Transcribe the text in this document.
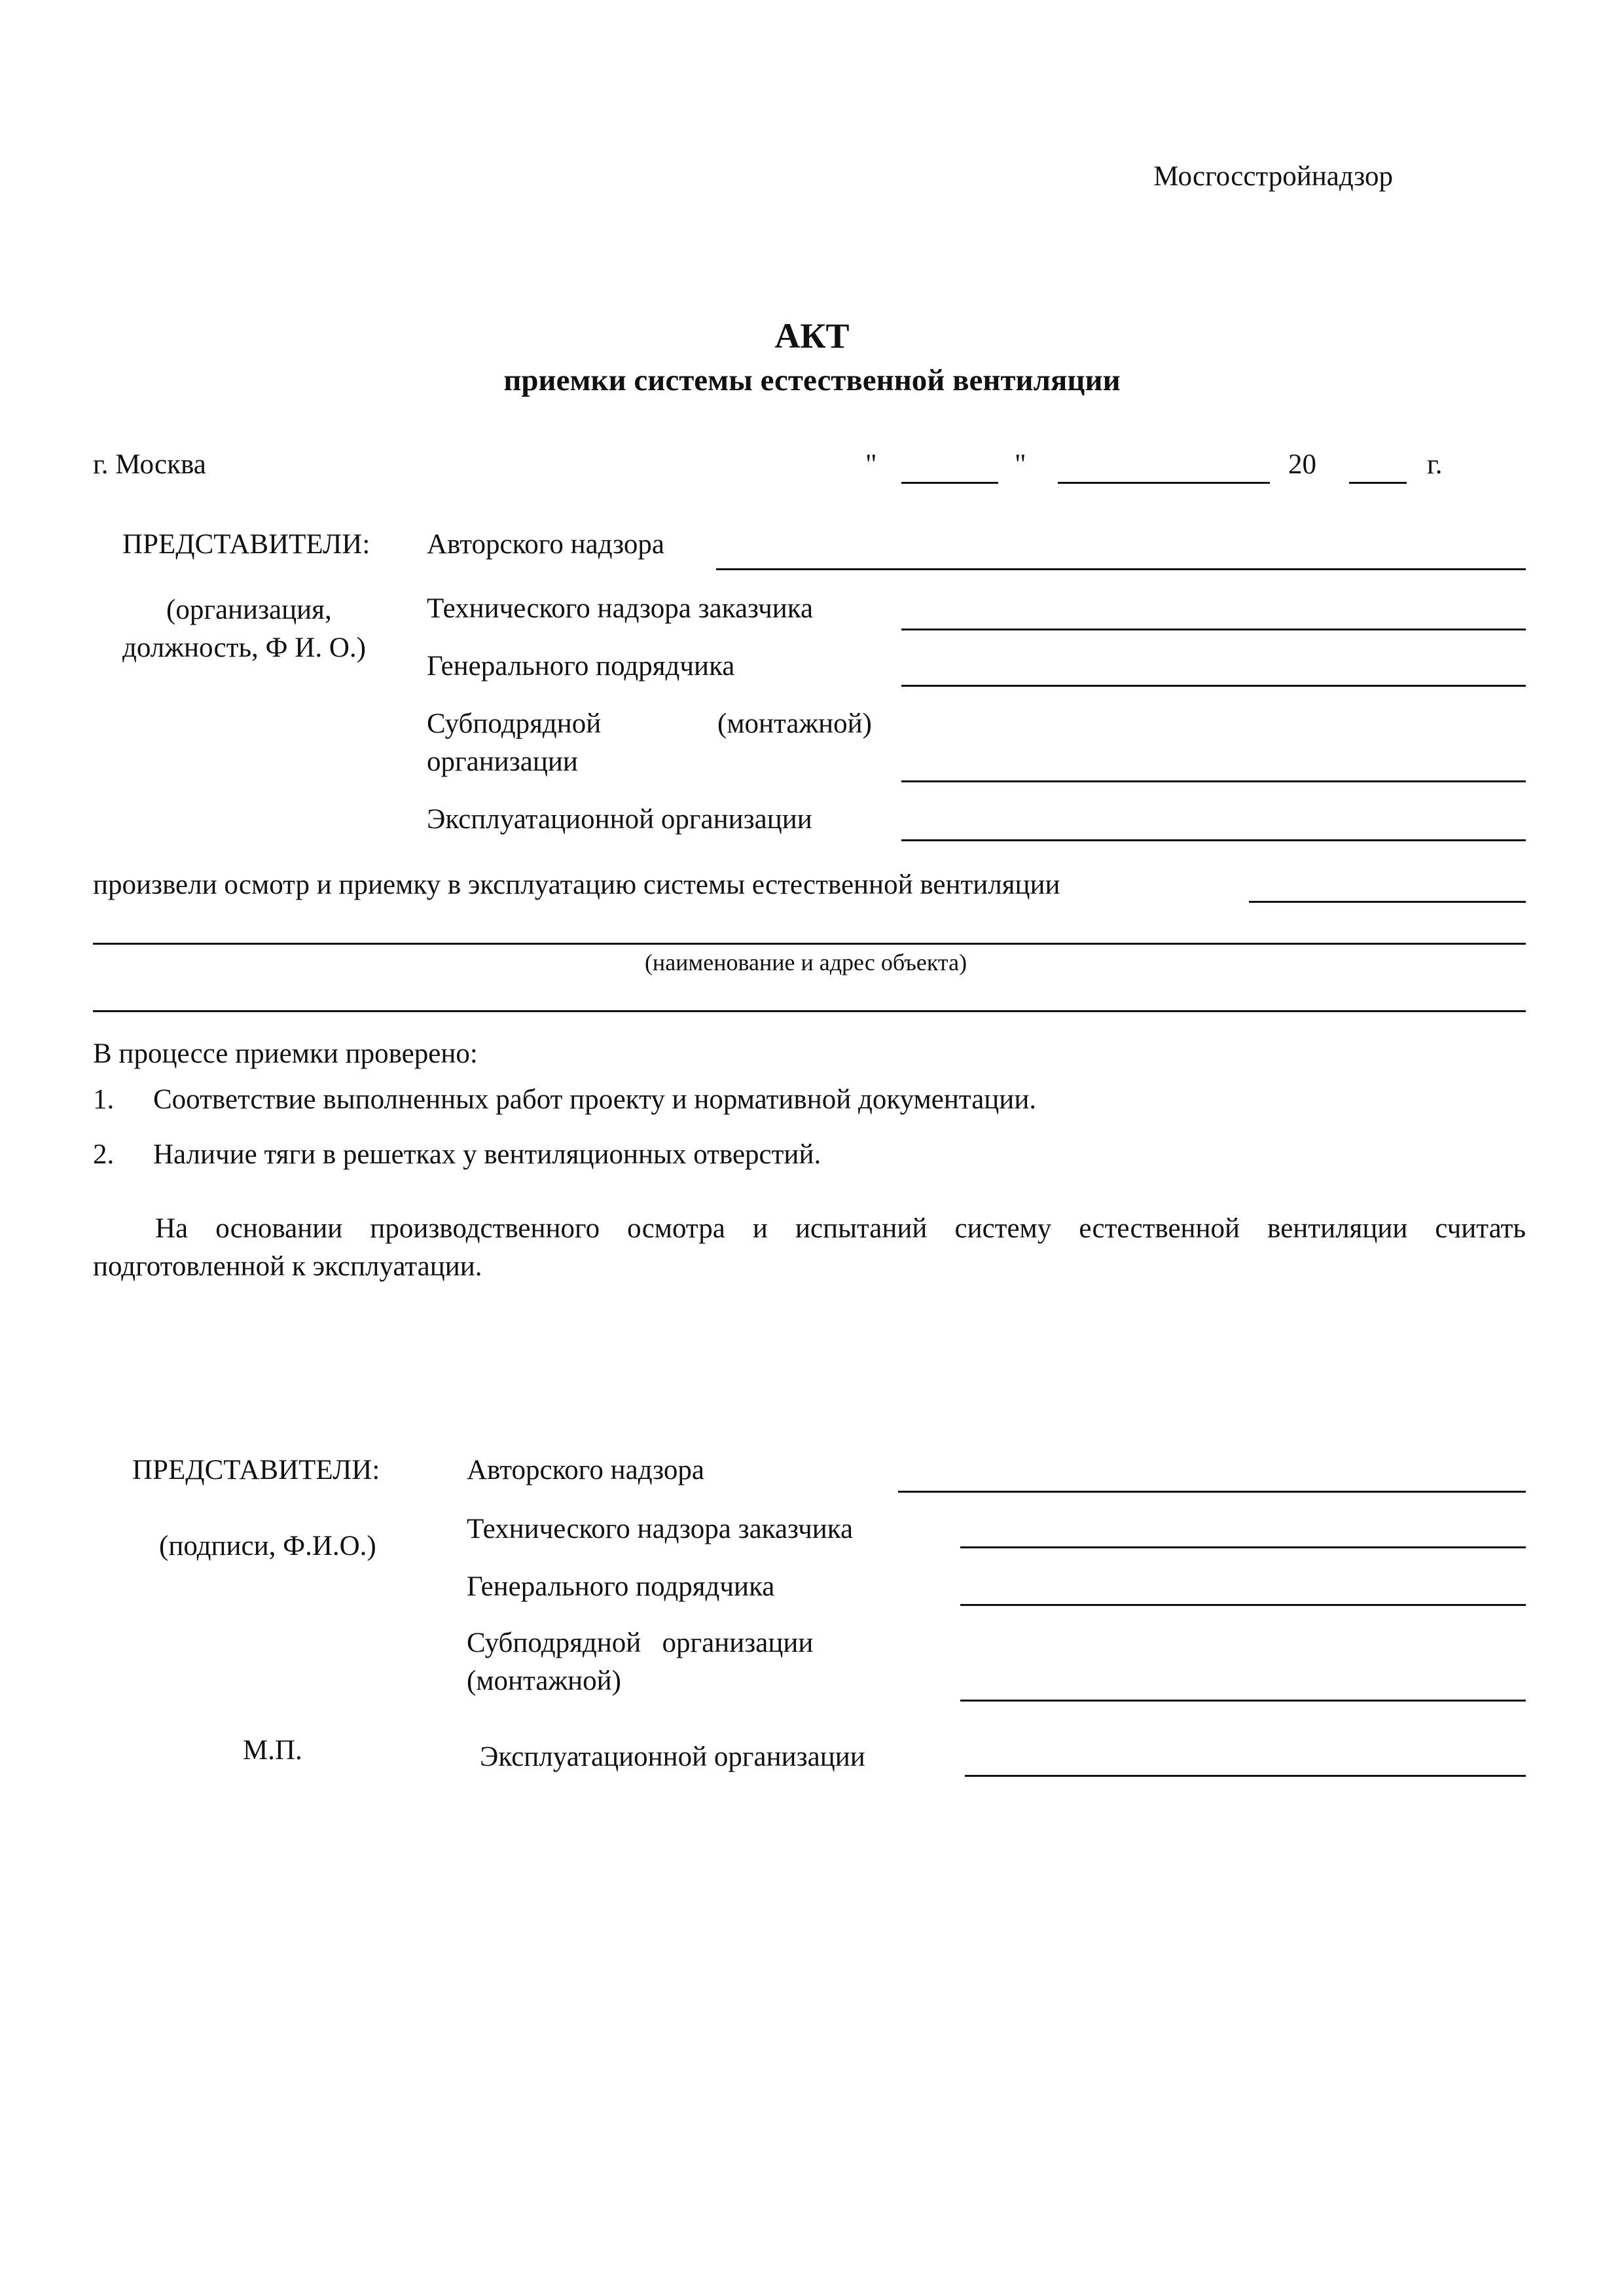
Мосгосстройнадзор
АКТ
приемки системы естественной вентиляции
г. Москва	"	"	20	г.
ПРЕДСТАВИТЕЛИ:
(организация,
должность, Ф И. О.)
Авторского надзора
Технического надзора заказчика
Генерального подрядчика
Субподрядной	(монтажной)
организации
Эксплуатационной организации
произвели осмотр и приемку в эксплуатацию системы естественной вентиляции
(наименование и адрес объекта)
В процессе приемки проверено:
1. Соответствие выполненных работ проекту и нормативной документации.
2. Наличие тяги в решетках у вентиляционных отверстий.
На основании производственного осмотра и испытаний систему естественной вентиляции считать подготовленной к эксплуатации.
ПРЕДСТАВИТЕЛИ:
(подписи, Ф.И.О.)
М.П.
Авторского надзора
Технического надзора заказчика
Генерального подрядчика
Субподрядной   организации
(монтажной)
Эксплуатационной организации
